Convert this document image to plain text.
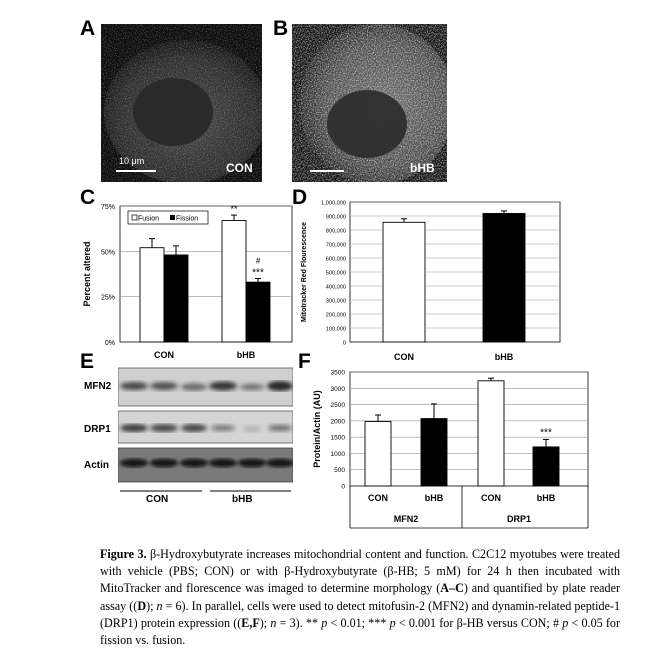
A
10 μm	CON
B
bHB
C
0%
25%
50%
75%
Percent altered
CON	bHB
Fusion Fission
**
#
***
D
0
100,000
200,000
300,000
400,000
500,000
600,000
700,000
800,000
900,000
1,000,000
Mitotracker Red Flourescence
CON	bHB
E
MFN2
DRP1
Actin
CON	bHB
F
0
500
1000
1500
2000
2500
3000
3500
Protein/Actin (AU)
CON	bHB	CON	bHB
***
MFN2	DRP1
Figure 3. β-Hydroxybutyrate increases mitochondrial content and function. C2C12 myotubes were treated with vehicle (PBS; CON) or with β-Hydroxybutyrate (β-HB; 5 mM) for 24 h then incubated with MitoTracker and florescence was imaged to determine morphology (A–C) and quantified by plate reader assay ((D); n = 6). In parallel, cells were used to detect mitofusin-2 (MFN2) and dynamin-related peptide-1 (DRP1) protein expression ((E,F); n = 3). ** p < 0.01; *** p < 0.001 for β-HB versus CON; # p < 0.05 for fission vs. fusion.
